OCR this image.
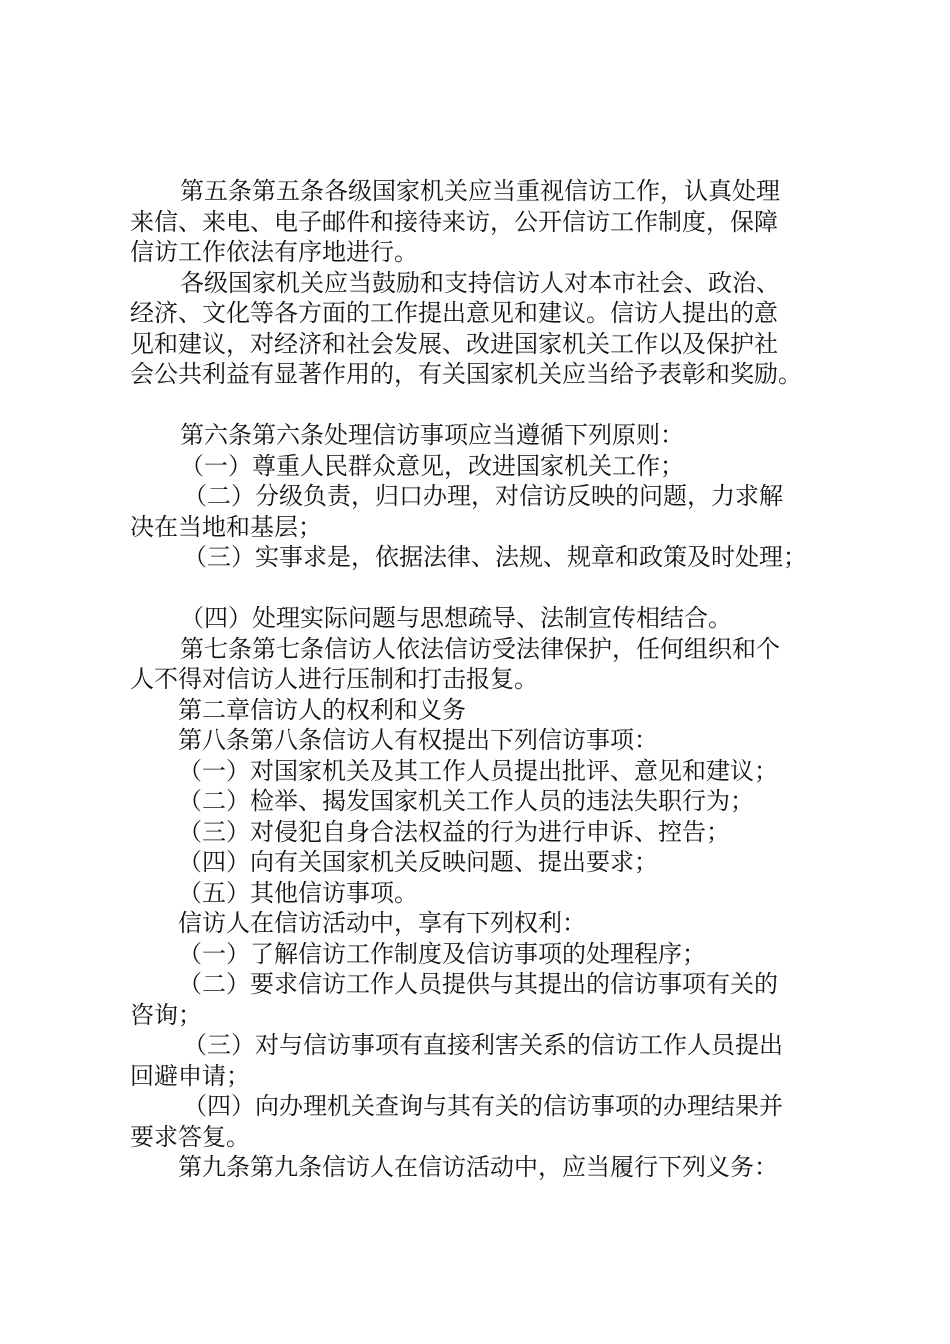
第五条第五条各级国家机关应当重视信访工作，认真处理

来信、来电、电子邮件和接待来访，公开信访工作制度，保障

信访工作依法有序地进行。

各级国家机关应当鼓励和支持信访人对本市社会、政治、

经济、文化等各方面的工作提出意见和建议。信访人提出的意

见和建议，对经济和社会发展、改进国家机关工作以及保护社

会公共利益有显著作用的，有关国家机关应当给予表彰和奖励。

第六条第六条处理信访事项应当遵循下列原则：

（一）尊重人民群众意见，改进国家机关工作；

（二）分级负责，归口办理，对信访反映的问题，力求解

决在当地和基层；

（三）实事求是，依据法律、法规、规章和政策及时处理；

（四）处理实际问题与思想疏导、法制宣传相结合。

第七条第七条信访人依法信访受法律保护，任何组织和个

人不得对信访人进行压制和打击报复。

第二章信访人的权利和义务

第八条第八条信访人有权提出下列信访事项：

（一）对国家机关及其工作人员提出批评、意见和建议；

（二）检举、揭发国家机关工作人员的违法失职行为；

（三）对侵犯自身合法权益的行为进行申诉、控告；

（四）向有关国家机关反映问题、提出要求；

（五）其他信访事项。

信访人在信访活动中，享有下列权利：

（一）了解信访工作制度及信访事项的处理程序；

（二）要求信访工作人员提供与其提出的信访事项有关的

咨询；

（三）对与信访事项有直接利害关系的信访工作人员提出

回避申请；

（四）向办理机关查询与其有关的信访事项的办理结果并

要求答复。

第九条第九条信访人在信访活动中，应当履行下列义务：
